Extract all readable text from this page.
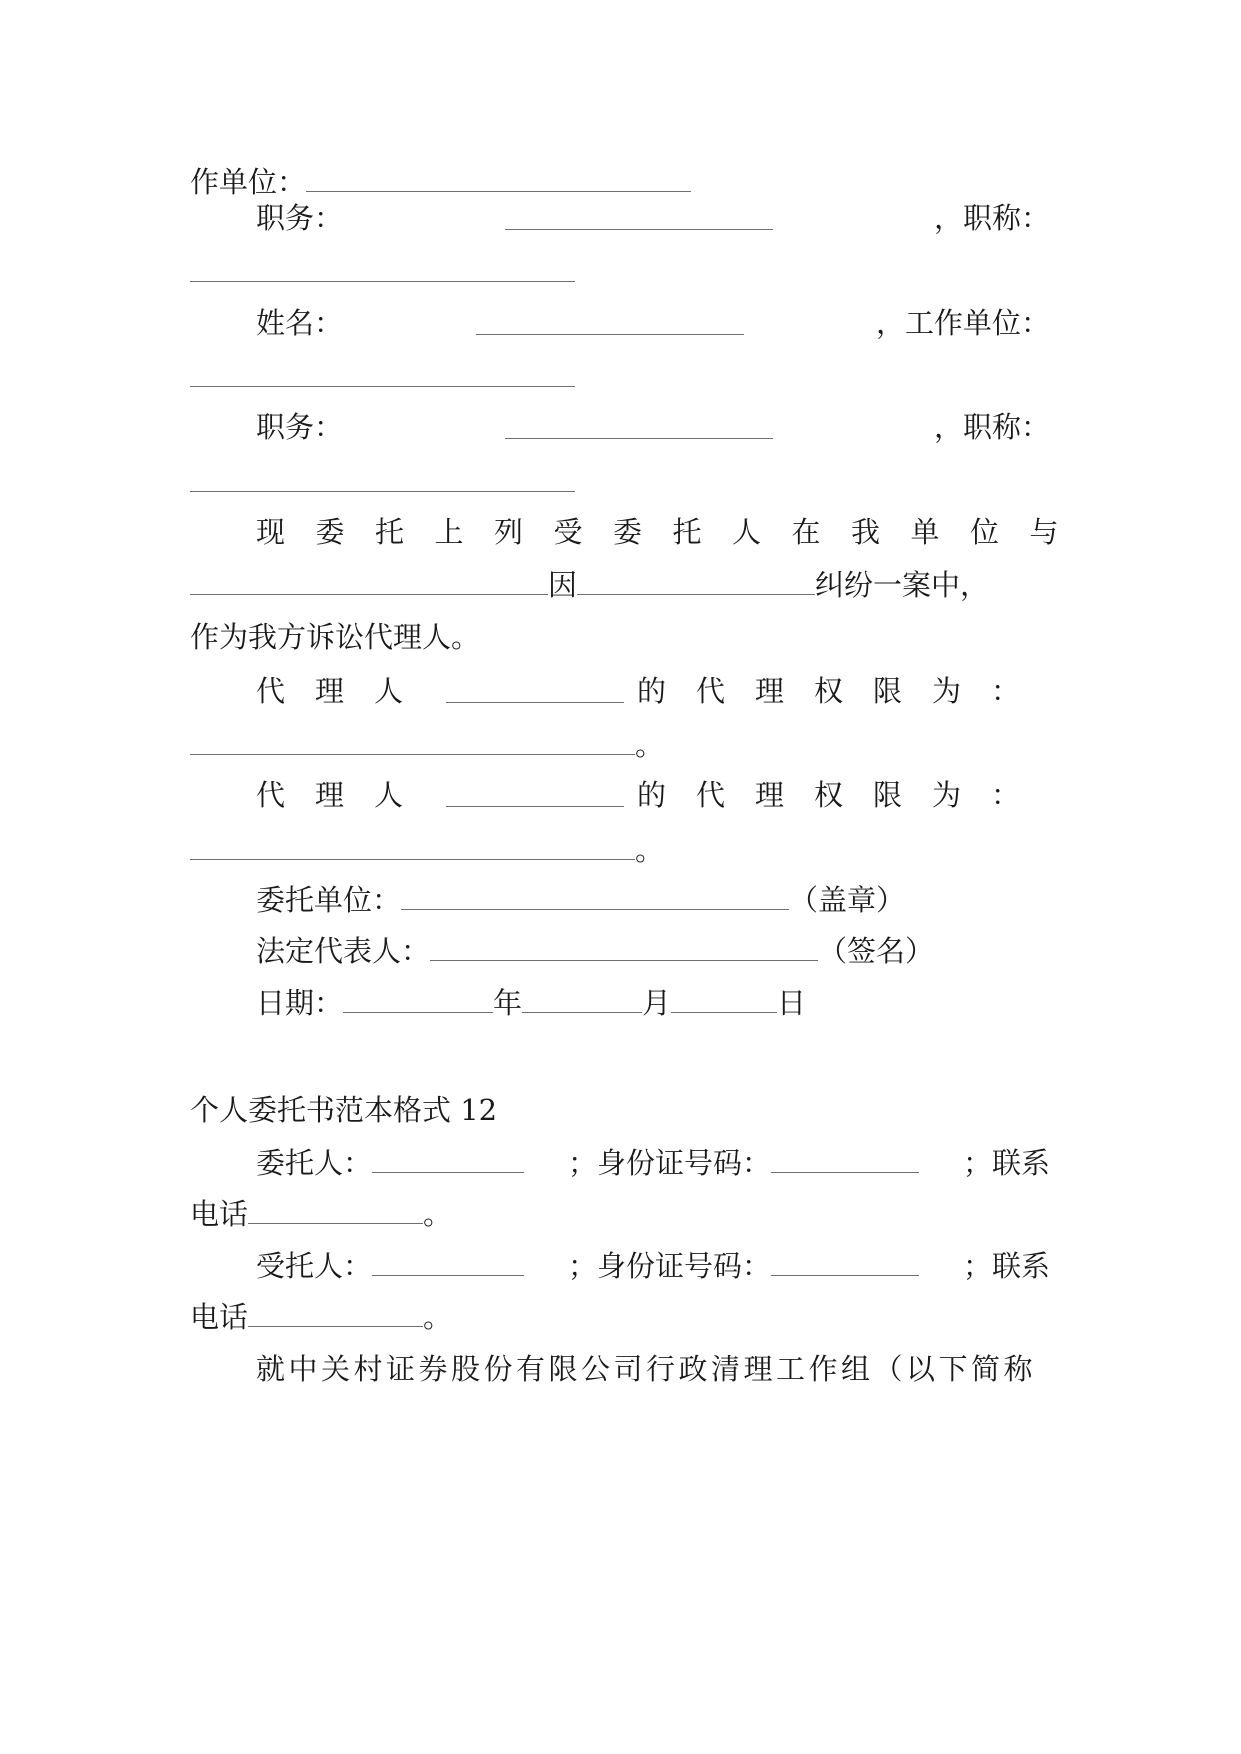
作单位：
职务：	，职称：
姓名：	，工作单位：
职务：	，职称：
现委托上列受委托人在我单位与
因	纠纷一案中，
作为我方诉讼代理人。
代理人	的代理权限为：
。
代理人	的代理权限为：
。
委托单位：	（盖章）
法定代表人：	（签名）
日期：	年	月	日
个人委托书范本格式 12
委托人：	；身份证号码：	；联系
电话	。
受托人：	；身份证号码：	；联系
电话	。
就中关村证券股份有限公司行政清理工作组（以下简称
